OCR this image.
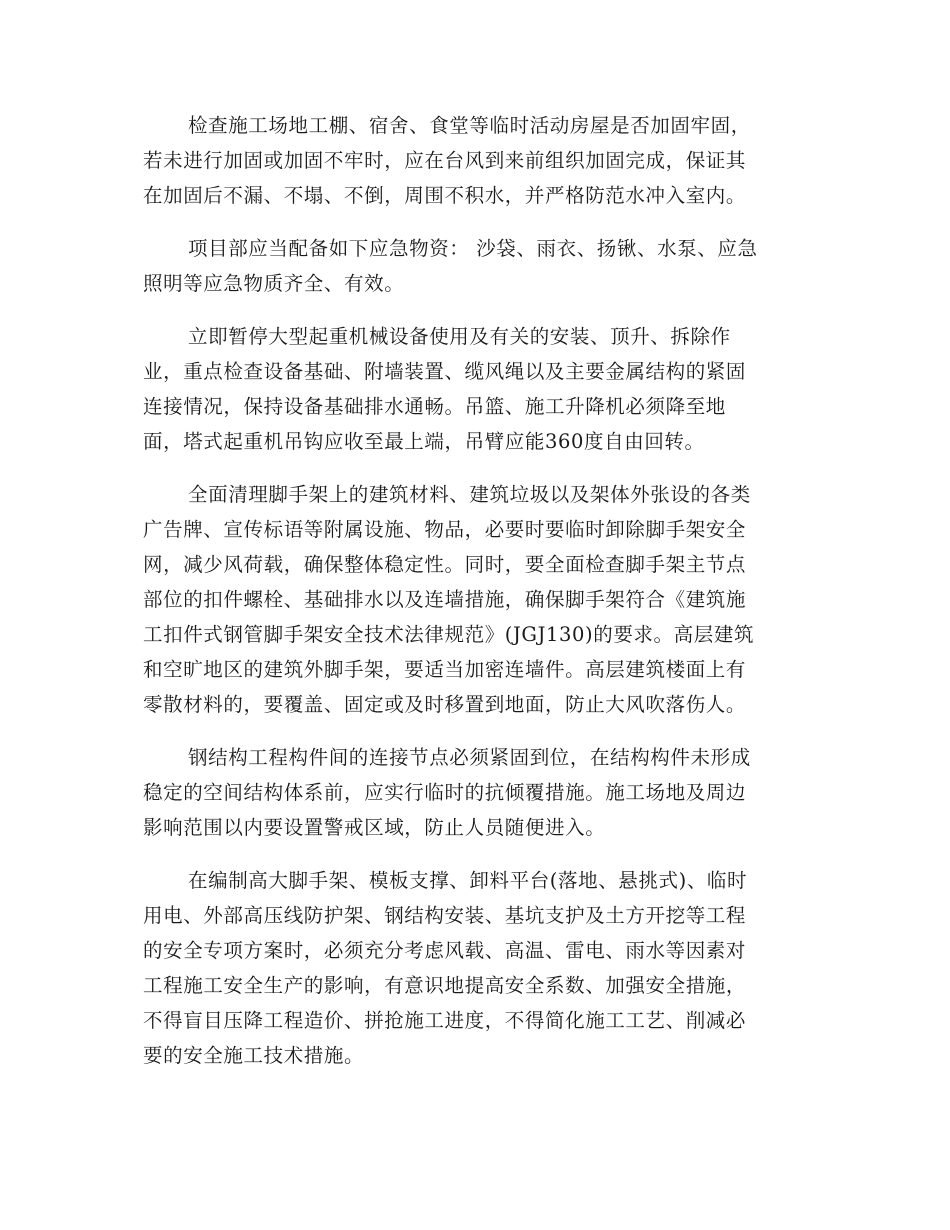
检查施工场地工棚、宿舍、食堂等临时活动房屋是否加固牢固，
若未进行加固或加固不牢时，应在台风到来前组织加固完成，保证其
在加固后不漏、不塌、不倒，周围不积水，并严格防范水冲入室内。
项目部应当配备如下应急物资： 沙袋、雨衣、扬锹、水泵、应急
照明等应急物质齐全、有效。
立即暂停大型起重机械设备使用及有关的安装、顶升、拆除作
业，重点检查设备基础、附墙装置、缆风绳以及主要金属结构的紧固
连接情况，保持设备基础排水通畅。吊篮、施工升降机必须降至地
面，塔式起重机吊钩应收至最上端，吊臂应能360度自由回转。
全面清理脚手架上的建筑材料、建筑垃圾以及架体外张设的各类
广告牌、宣传标语等附属设施、物品，必要时要临时卸除脚手架安全
网，减少风荷载，确保整体稳定性。同时，要全面检查脚手架主节点
部位的扣件螺栓、基础排水以及连墙措施，确保脚手架符合《建筑施
工扣件式钢管脚手架安全技术法律规范》(JGJ130)的要求。高层建筑
和空旷地区的建筑外脚手架，要适当加密连墙件。高层建筑楼面上有
零散材料的，要覆盖、固定或及时移置到地面，防止大风吹落伤人。
钢结构工程构件间的连接节点必须紧固到位，在结构构件未形成
稳定的空间结构体系前，应实行临时的抗倾覆措施。施工场地及周边
影响范围以内要设置警戒区域，防止人员随便进入。
在编制高大脚手架、模板支撑、卸料平台(落地、悬挑式)、临时
用电、外部高压线防护架、钢结构安装、基坑支护及土方开挖等工程
的安全专项方案时，必须充分考虑风载、高温、雷电、雨水等因素对
工程施工安全生产的影响，有意识地提高安全系数、加强安全措施，
不得盲目压降工程造价、拼抢施工进度，不得简化施工工艺、削减必
要的安全施工技术措施。
